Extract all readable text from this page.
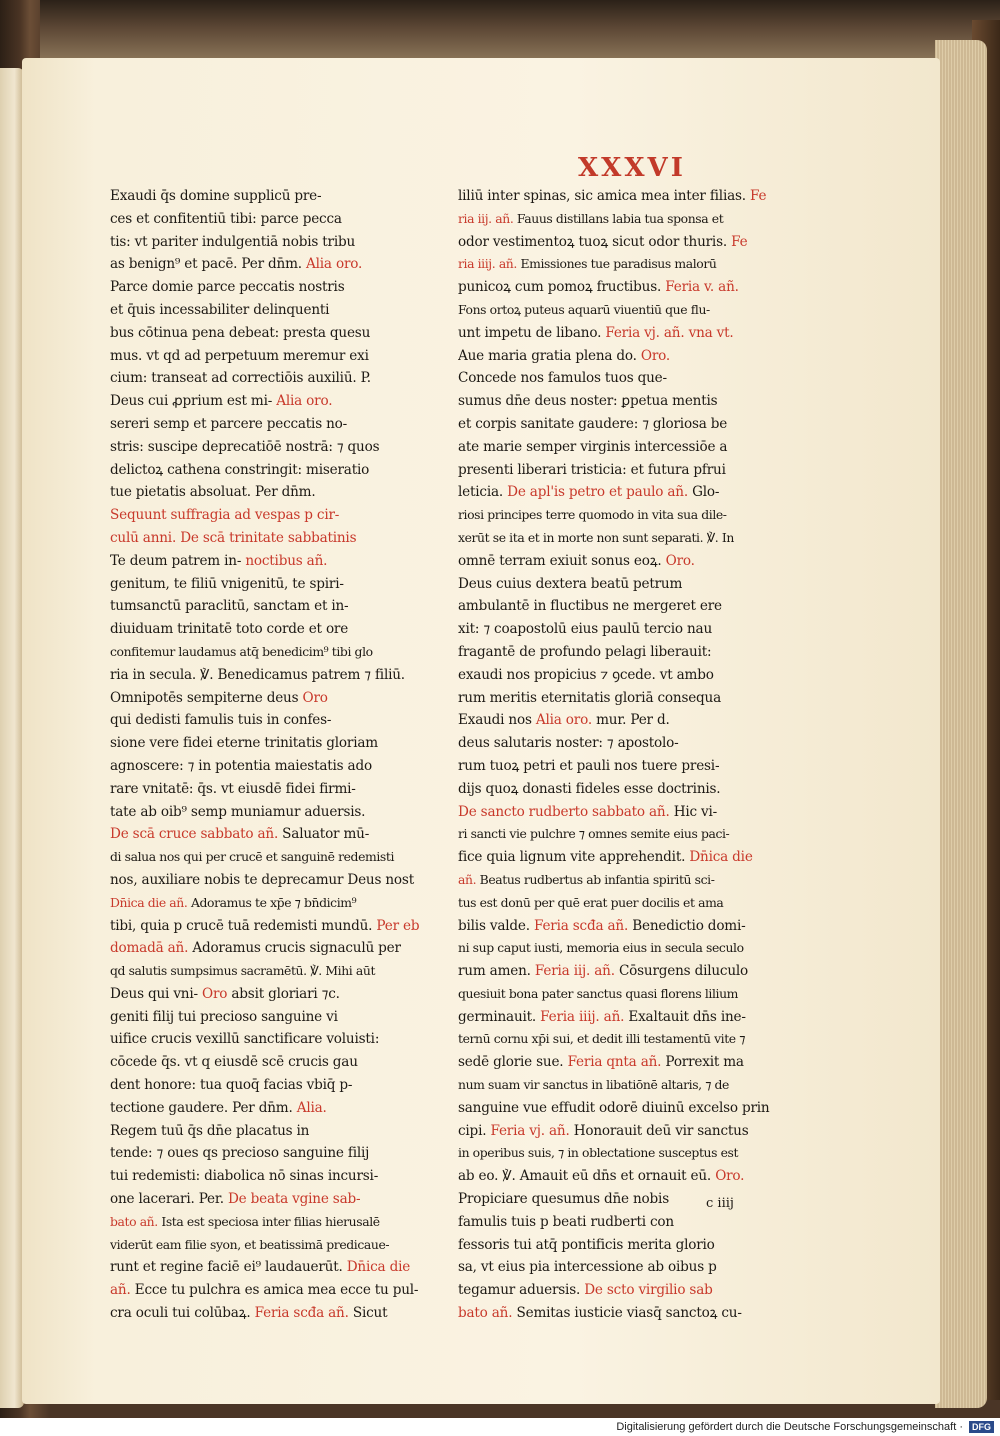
XXXVI
Exaudi q̄s domine supplicū pre-
ces et confitentiū tibi: parce pecca
tis: vt pariter indulgentiā nobis tribu
as benign⁹ et pacē. Per dn̄m. Alia oro.
Parce domie parce peccatis nostris
et q̄uis incessabiliter delinquenti
bus cōtinua pena debeat: presta quesu
mus. vt qd ad perpetuum meremur exi
cium: transeat ad correctiōis auxiliū. P.
Deus cui ꝓprium est mi- Alia oro.
sereri semp et parcere peccatis no-
stris: suscipe deprecatiōē nostrā: ⁊ quos
delictoꝝ cathena constringit: miseratio
tue pietatis absoluat. Per dn̄m.
Sequunt suffragia ad vespas p cir-
culū anni. De scā trinitate sabbatinis
Te deum patrem in- noctibus añ.
genitum, te filiū vnigenitū, te spiri-
tumsanctū paraclitū, sanctam et in-
diuiduam trinitatē toto corde et ore
confitemur laudamus atq̄ benedicim⁹ tibi glo
ria in secula. ℣. Benedicamus patrem ⁊ filiū.
Omnipotēs sempiterne deus Oro
qui dedisti famulis tuis in confes-
sione vere fidei eterne trinitatis gloriam
agnoscere: ⁊ in potentia maiestatis ado
rare vnitatē: q̄s. vt eiusdē fidei firmi-
tate ab oib⁹ semp muniamur aduersis.
De scā cruce sabbato añ. Saluator mū-
di salua nos qui per crucē et sanguinē redemisti
nos, auxiliare nobis te deprecamur Deus nost
Dn̄ica die añ. Adoramus te xp̄e ⁊ bn̄dicim⁹
tibi, quia p crucē tuā redemisti mundū. Per eb
domadā añ. Adoramus crucis signaculū per
qd salutis sumpsimus sacramētū. ℣. Mihi aūt
Deus qui vni- Oro absit gloriari ⁊c.
geniti filij tui precioso sanguine vi
uifice crucis vexillū sanctificare voluisti:
cōcede q̄s. vt q eiusdē scē crucis gau
dent honore: tua quoq̄ facias vbiq̄ p-
tectione gaudere. Per dn̄m. Alia.
Regem tuū q̄s dn̄e placatus in
tende: ⁊ oues qs precioso sanguine filij
tui redemisti: diabolica nō sinas incursi-
one lacerari. Per. De beata vgine sab-
bato añ. Ista est speciosa inter filias hierusalē
viderūt eam filie syon, et beatissimā predicaue-
runt et regine faciē ei⁹ laudauerūt. Dn̄ica die
añ. Ecce tu pulchra es amica mea ecce tu pul-
cra oculi tui colūbaꝝ. Feria scđa añ. Sicut
liliū inter spinas, sic amica mea inter filias. Fe
ria iij. añ. Fauus distillans labia tua sponsa et
odor vestimentoꝝ tuoꝝ sicut odor thuris. Fe
ria iiij. añ. Emissiones tue paradisus malorū
punicoꝝ cum pomoꝝ fructibus. Feria v. añ.
Fons ortoꝝ puteus aquarū viuentiū que flu-
unt impetu de libano. Feria vj. añ. vna vt.
Aue maria gratia plena do. Oro.
Concede nos famulos tuos que-
sumus dn̄e deus noster: ꝑpetua mentis
et corpis sanitate gaudere: ⁊ gloriosa be
ate marie semper virginis intercessiōe a
presenti liberari tristicia: et futura pfrui
leticia. De apl'is petro et paulo añ. Glo-
riosi principes terre quomodo in vita sua dile-
xerūt se ita et in morte non sunt separati. ℣. In
omnē terram exiuit sonus eoꝝ. Oro.
Deus cuius dextera beatū petrum
ambulantē in fluctibus ne mergeret ere
xit: ⁊ coapostolū eius paulū tercio nau
fragantē de profundo pelagi liberauit:
exaudi nos propicius ⁊ ꝯcede. vt ambo
rum meritis eternitatis gloriā consequa
Exaudi nos Alia oro. mur. Per d.
deus salutaris noster: ⁊ apostolo-
rum tuoꝝ petri et pauli nos tuere presi-
dijs quoꝝ donasti fideles esse doctrinis.
De sancto rudberto sabbato añ. Hic vi-
ri sancti vie pulchre ⁊ omnes semite eius paci-
fice quia lignum vite apprehendit. Dn̄ica die
añ. Beatus rudbertus ab infantia spiritū sci-
tus est donū per quē erat puer docilis et ama
bilis valde. Feria scđa añ. Benedictio domi-
ni sup caput iusti, memoria eius in secula seculo
rum amen. Feria iij. añ. Cōsurgens diluculo
quesiuit bona pater sanctus quasi florens lilium
germinauit. Feria iiij. añ. Exaltauit dn̄s ine-
ternū cornu xp̄i sui, et dedit illi testamentū vite ⁊
sedē glorie sue. Feria qnta añ. Porrexit ma
num suam vir sanctus in libatiōnē altaris, ⁊ de
sanguine vue effudit odorē diuinū excelso prin
cipi. Feria vj. añ. Honorauit deū vir sanctus
in operibus suis, ⁊ in oblectatione susceptus est
ab eo. ℣. Amauit eū dn̄s et ornauit eū. Oro.
Propiciare quesumus dn̄e nobis
famulis tuis p beati rudberti con
fessoris tui atq̄ pontificis merita glorio
sa, vt eius pia intercessione ab oibus p
tegamur aduersis. De scto virgilio sab
bato añ. Semitas iusticie viasq̄ sanctoꝝ cu-
c iiij
Digitalisierung gefördert durch die Deutsche Forschungsgemeinschaft · DFG
